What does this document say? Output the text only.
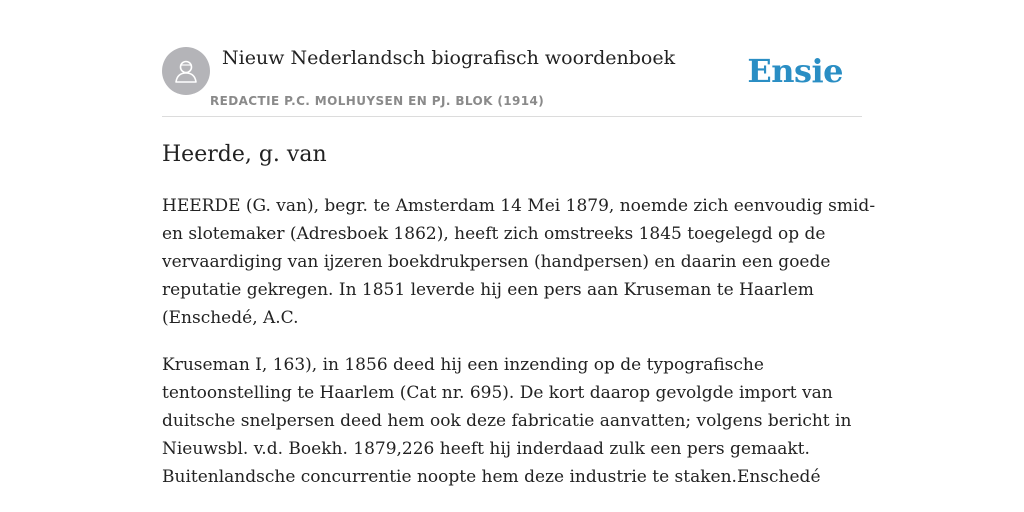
Nieuw Nederlandsch biografisch woordenboek
REDACTIE P.C. MOLHUYSEN EN PJ. BLOK (1914)
Ensie
Heerde, g. van

HEERDE (G. van), begr. te Amsterdam 14 Mei 1879, noemde zich eenvoudig smid-
en slotemaker (Adresboek 1862), heeft zich omstreeks 1845 toegelegd op de
vervaardiging van ijzeren boekdrukpersen (handpersen) en daarin een goede
reputatie gekregen. In 1851 leverde hij een pers aan Kruseman te Haarlem
(Enschedé, A.C.

Kruseman I, 163), in 1856 deed hij een inzending op de typografische
tentoonstelling te Haarlem (Cat nr. 695). De kort daarop gevolgde import van
duitsche snelpersen deed hem ook deze fabricatie aanvatten; volgens bericht in
Nieuwsbl. v.d. Boekh. 1879,226 heeft hij inderdaad zulk een pers gemaakt.
Buitenlandsche concurrentie noopte hem deze industrie te staken.Enschedé
